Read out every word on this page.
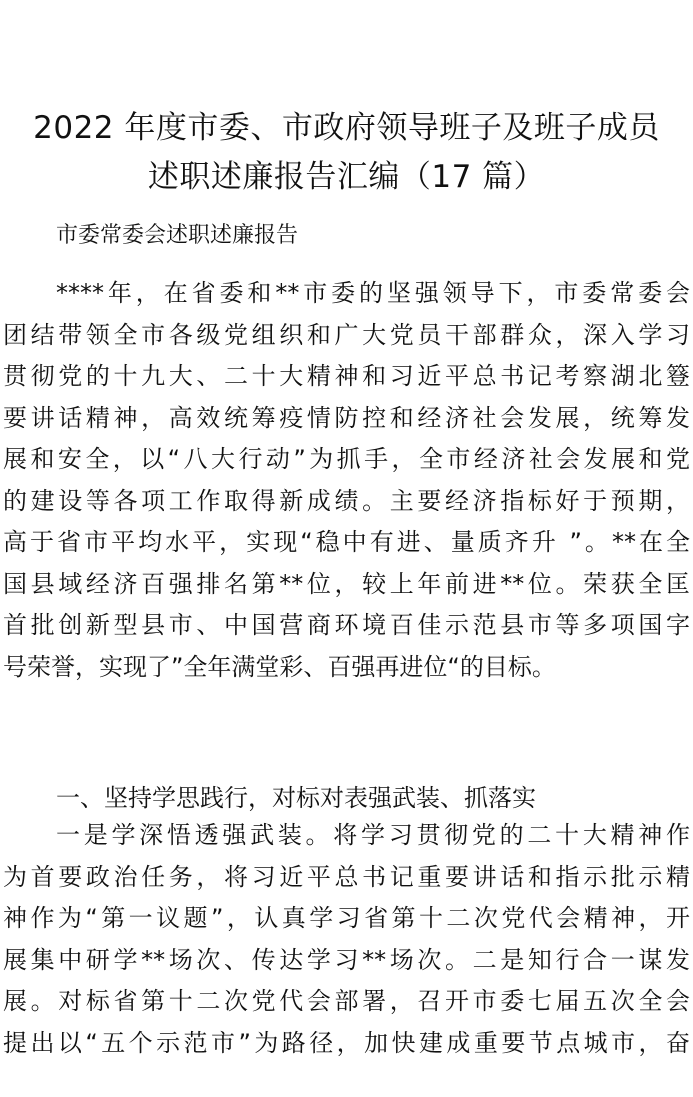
2022 年度市委、市政府领导班子及班子成员
述职述廉报告汇编（17 篇）
市委常委会述职述廉报告
****年，在省委和**市委的坚强领导下，市委常委会
团结带领全市各级党组织和广大党员干部群众，深入学习
贯彻党的十九大、二十大精神和习近平总书记考察湖北簦
要讲话精神，高效统筹疫情防控和经济社会发展，统筹发
展和安全，以“八大行动”为抓手，全市经济社会发展和党
的建设等各项工作取得新成绩。主要经济指标好于预期，
高于省市平均水平，实现“稳中有进、量质齐升 ”。**在全
国县域经济百强排名第**位，较上年前进**位。荣获全匡
首批创新型县市、中国营商环境百佳示范县市等多项国字
号荣誉，实现了”全年满堂彩、百强再进位“的目标。
一、坚持学思践行，对标对表强武装、抓落实
一是学深悟透强武装。将学习贯彻党的二十大精神作
为首要政治任务，将习近平总书记重要讲话和指示批示精
神作为“第一议题”，认真学习省第十二次党代会精神，开
展集中研学**场次、传达学习**场次。二是知行合一谋发
展。对标省第十二次党代会部署，召开市委七届五次全会
提出以“五个示范市”为路径，加快建成重要节点城市，奋
